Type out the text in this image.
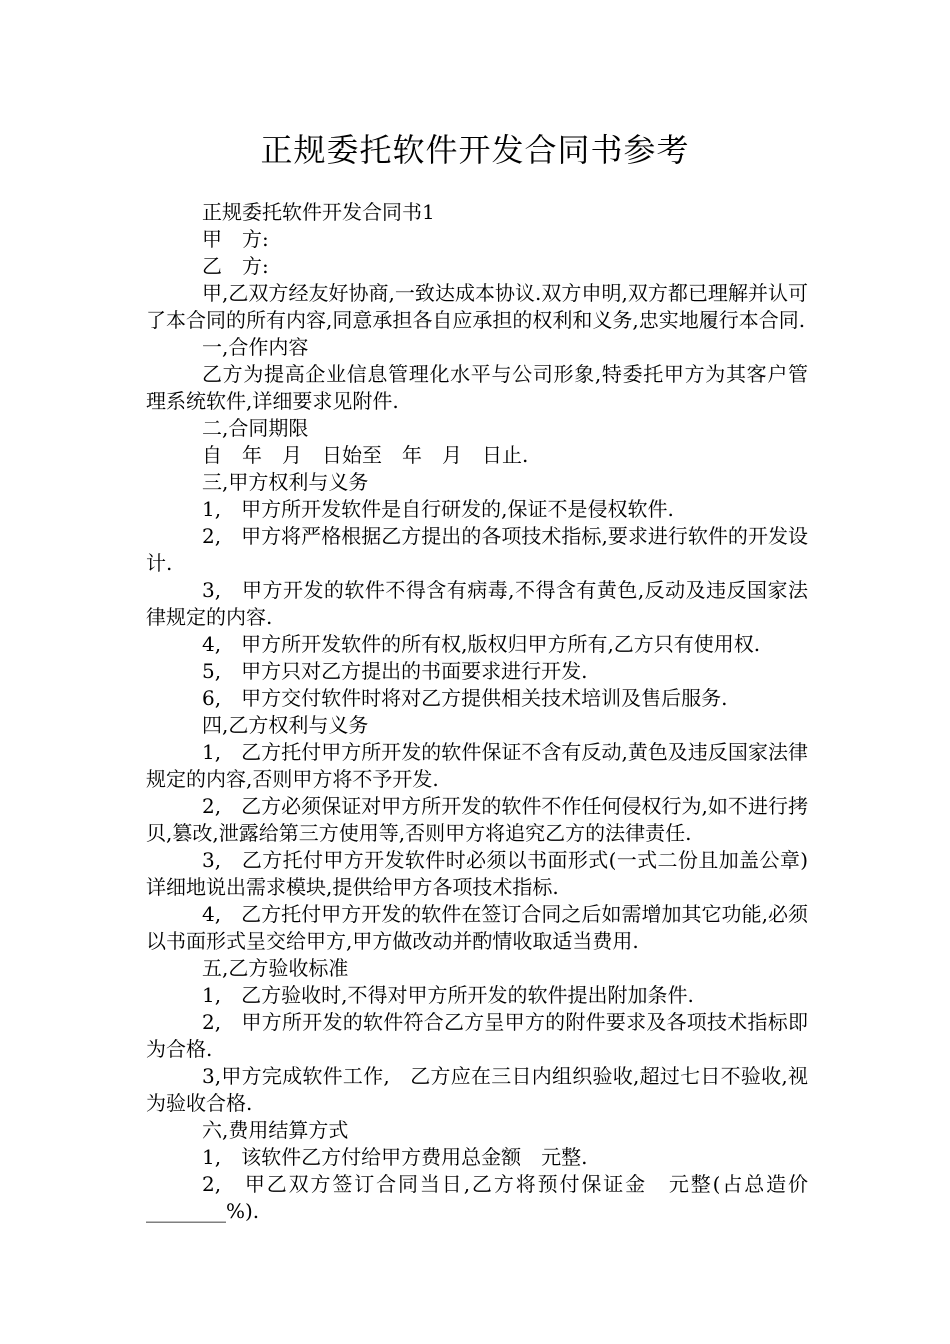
正规委托软件开发合同书参考

正规委托软件开发合同书1

甲　方:

乙　方:

甲,乙双方经友好协商,一致达成本协议.双方申明,双方都已理解并认可了本合同的所有内容,同意承担各自应承担的权利和义务,忠实地履行本合同.

一,合作内容

乙方为提高企业信息管理化水平与公司形象,特委托甲方为其客户管理系统软件,详细要求见附件.

二,合同期限

自　年　月　日始至　年　月　日止.

三,甲方权利与义务

1,　甲方所开发软件是自行研发的,保证不是侵权软件.

2,　甲方将严格根据乙方提出的各项技术指标,要求进行软件的开发设计.

3,　甲方开发的软件不得含有病毒,不得含有黄色,反动及违反国家法律规定的内容.

4,　甲方所开发软件的所有权,版权归甲方所有,乙方只有使用权.

5,　甲方只对乙方提出的书面要求进行开发.

6,　甲方交付软件时将对乙方提供相关技术培训及售后服务.

四,乙方权利与义务

1,　乙方托付甲方所开发的软件保证不含有反动,黄色及违反国家法律规定的内容,否则甲方将不予开发.

2,　乙方必须保证对甲方所开发的软件不作任何侵权行为,如不进行拷贝,篡改,泄露给第三方使用等,否则甲方将追究乙方的法律责任.

3,　乙方托付甲方开发软件时必须以书面形式(一式二份且加盖公章)详细地说出需求模块,提供给甲方各项技术指标.

4,　乙方托付甲方开发的软件在签订合同之后如需增加其它功能,必须以书面形式呈交给甲方,甲方做改动并酌情收取适当费用.

五,乙方验收标准

1,　乙方验收时,不得对甲方所开发的软件提出附加条件.

2,　甲方所开发的软件符合乙方呈甲方的附件要求及各项技术指标即为合格.

3,甲方完成软件工作,　乙方应在三日内组织验收,超过七日不验收,视为验收合格.

六,费用结算方式

1,　该软件乙方付给甲方费用总金额　元整.

2,　甲乙双方签订合同当日,乙方将预付保证金　元整(占总造价________%).
